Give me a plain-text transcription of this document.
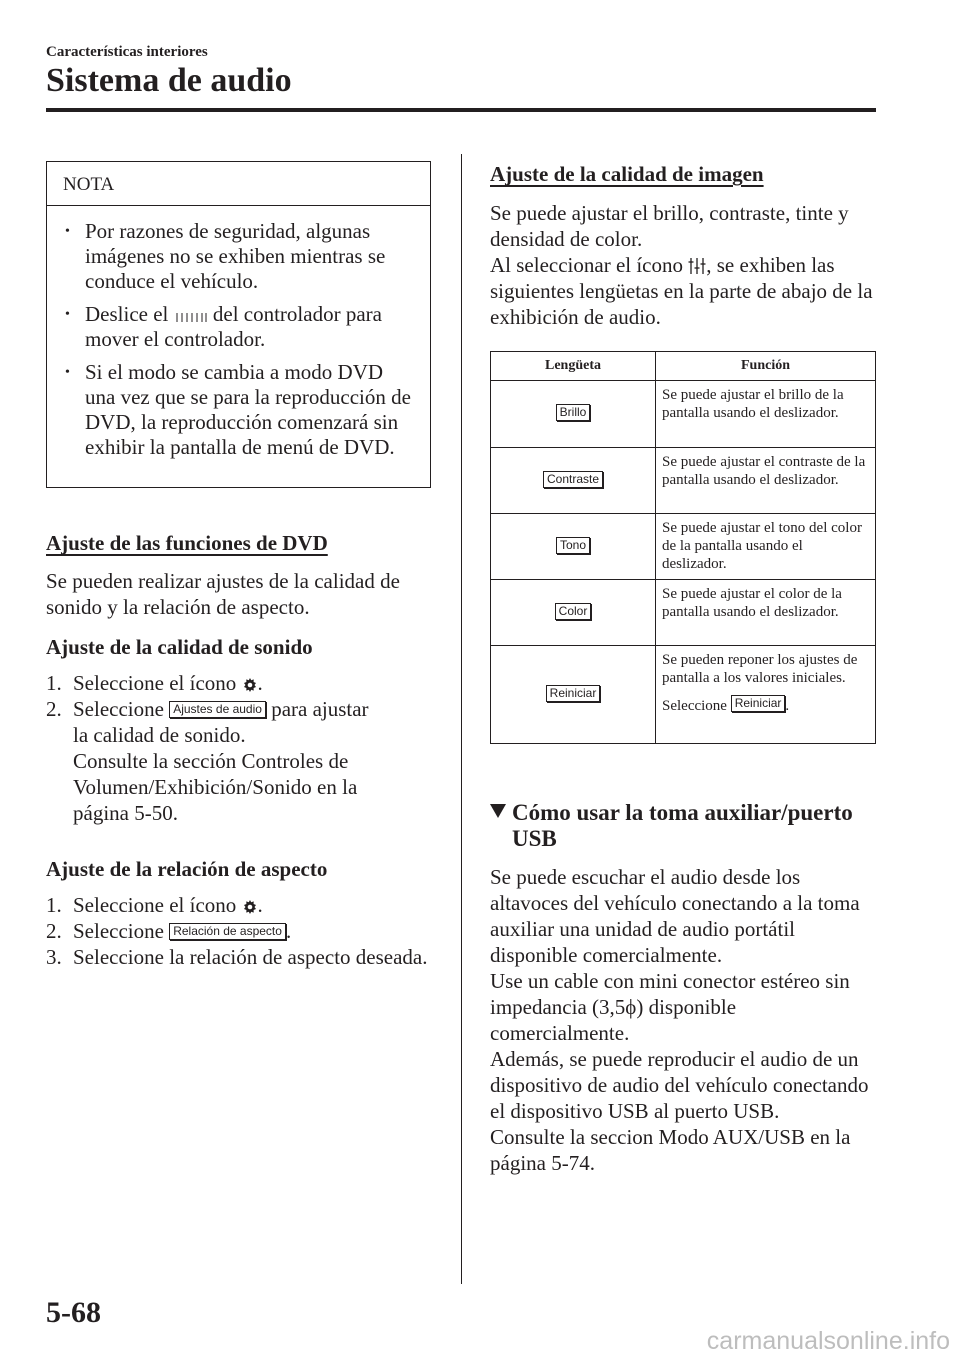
Características interiores
Sistema de audio
NOTA
• Por razones de seguridad, algunas imágenes no se exhiben mientras se conduce el vehículo.
• Deslice el del controlador para mover el controlador.
• Si el modo se cambia a modo DVD una vez que se para la reproducción de DVD, la reproducción comenzará sin exhibir la pantalla de menú de DVD.
Ajuste de las funciones de DVD
Se pueden realizar ajustes de la calidad de sonido y la relación de aspecto.
Ajuste de la calidad de sonido
1. Seleccione el ícono .
2. Seleccione Ajustes de audio para ajustar
la calidad de sonido.
Consulte la sección Controles de
Volumen/Exhibición/Sonido en la
página 5-50.
Ajuste de la relación de aspecto
1. Seleccione el ícono .
2. Seleccione Relación de aspecto .
3. Seleccione la relación de aspecto deseada.
Ajuste de la calidad de imagen
Se puede ajustar el brillo, contraste, tinte y densidad de color.
Al seleccionar el ícono , se exhiben las siguientes lengüetas en la parte de abajo de la exhibición de audio.
Lengüeta	Función
Brillo	Se puede ajustar el brillo de la pantalla usando el deslizador.
Contraste	Se puede ajustar el contraste de la pantalla usando el deslizador.
Tono	Se puede ajustar el tono del color de la pantalla usando el deslizador.
Color	Se puede ajustar el color de la pantalla usando el deslizador.
Reiniciar	Se pueden reponer los ajustes de pantalla a los valores iniciales.
Seleccione Reiniciar .
Cómo usar la toma auxiliar/puerto USB
Se puede escuchar el audio desde los altavoces del vehículo conectando a la toma auxiliar una unidad de audio portátil disponible comercialmente.
Use un cable con mini conector estéreo sin impedancia (3,5ϕ) disponible comercialmente.
Además, se puede reproducir el audio de un dispositivo de audio del vehículo conectando el dispositivo USB al puerto USB.
Consulte la seccion Modo AUX/USB en la página 5-74.
5-68
carmanualsonline.info
